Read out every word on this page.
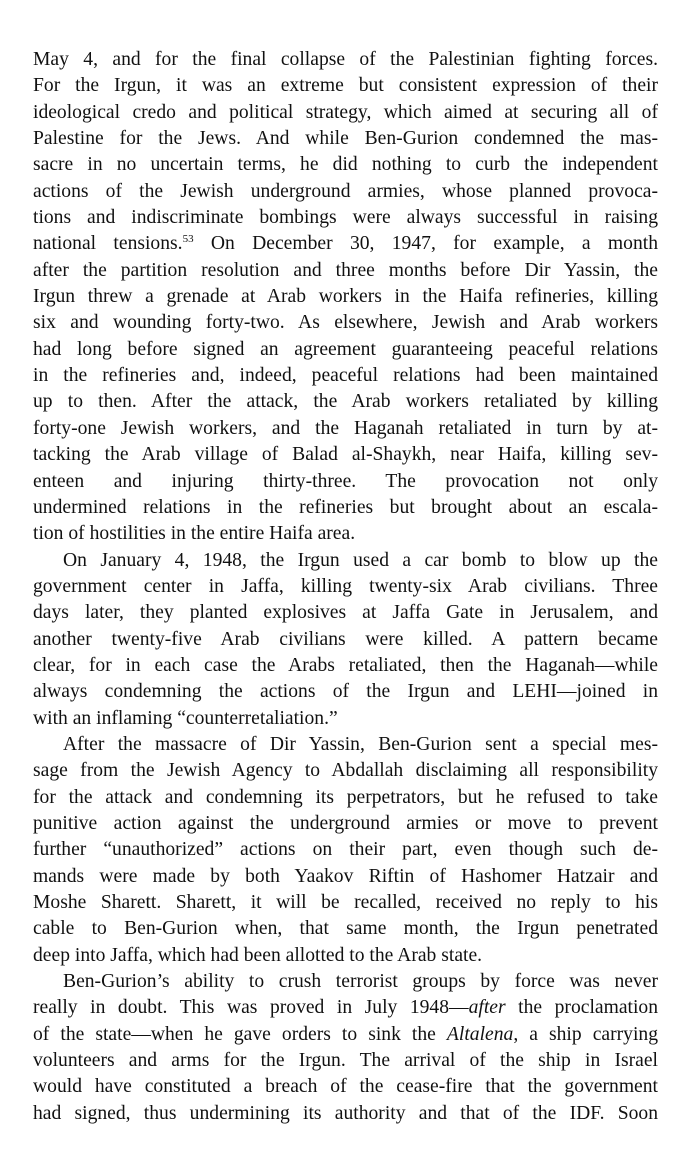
May 4, and for the final collapse of the Palestinian fighting forces.
For the Irgun, it was an extreme but consistent expression of their
ideological credo and political strategy, which aimed at securing all of
Palestine for the Jews. And while Ben-Gurion condemned the mas-
sacre in no uncertain terms, he did nothing to curb the independent
actions of the Jewish underground armies, whose planned provoca-
tions and indiscriminate bombings were always successful in raising
national tensions.$^{53}$ On December 30, 1947, for example, a month
after the partition resolution and three months before Dir Yassin, the
Irgun threw a grenade at Arab workers in the Haifa refineries, killing
six and wounding forty-two. As elsewhere, Jewish and Arab workers
had long before signed an agreement guaranteeing peaceful relations
in the refineries and, indeed, peaceful relations had been maintained
up to then. After the attack, the Arab workers retaliated by killing
forty-one Jewish workers, and the Haganah retaliated in turn by at-
tacking the Arab village of Balad al-Shaykh, near Haifa, killing sev-
enteen and injuring thirty-three. The provocation not only
undermined relations in the refineries but brought about an escala-
tion of hostilities in the entire Haifa area.
On January 4, 1948, the Irgun used a car bomb to blow up the
government center in Jaffa, killing twenty-six Arab civilians. Three
days later, they planted explosives at Jaffa Gate in Jerusalem, and
another twenty-five Arab civilians were killed. A pattern became
clear, for in each case the Arabs retaliated, then the Haganah—while
always condemning the actions of the Irgun and LEHI—joined in
with an inflaming “counterretaliation.”
After the massacre of Dir Yassin, Ben-Gurion sent a special mes-
sage from the Jewish Agency to Abdallah disclaiming all responsibility
for the attack and condemning its perpetrators, but he refused to take
punitive action against the underground armies or move to prevent
further “unauthorized” actions on their part, even though such de-
mands were made by both Yaakov Riftin of Hashomer Hatzair and
Moshe Sharett. Sharett, it will be recalled, received no reply to his
cable to Ben-Gurion when, that same month, the Irgun penetrated
deep into Jaffa, which had been allotted to the Arab state.
Ben-Gurion’s ability to crush terrorist groups by force was never
really in doubt. This was proved in July 1948—after the proclamation
of the state—when he gave orders to sink the Altalena, a ship carrying
volunteers and arms for the Irgun. The arrival of the ship in Israel
would have constituted a breach of the cease-fire that the government
had signed, thus undermining its authority and that of the IDF. Soon
